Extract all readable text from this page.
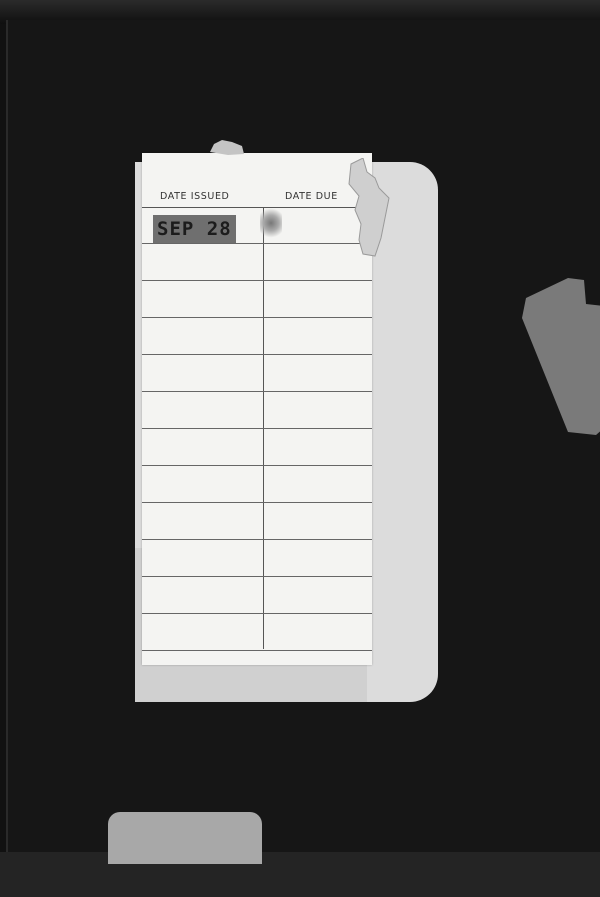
DATE ISSUED	DATE DUE
SEP 28
